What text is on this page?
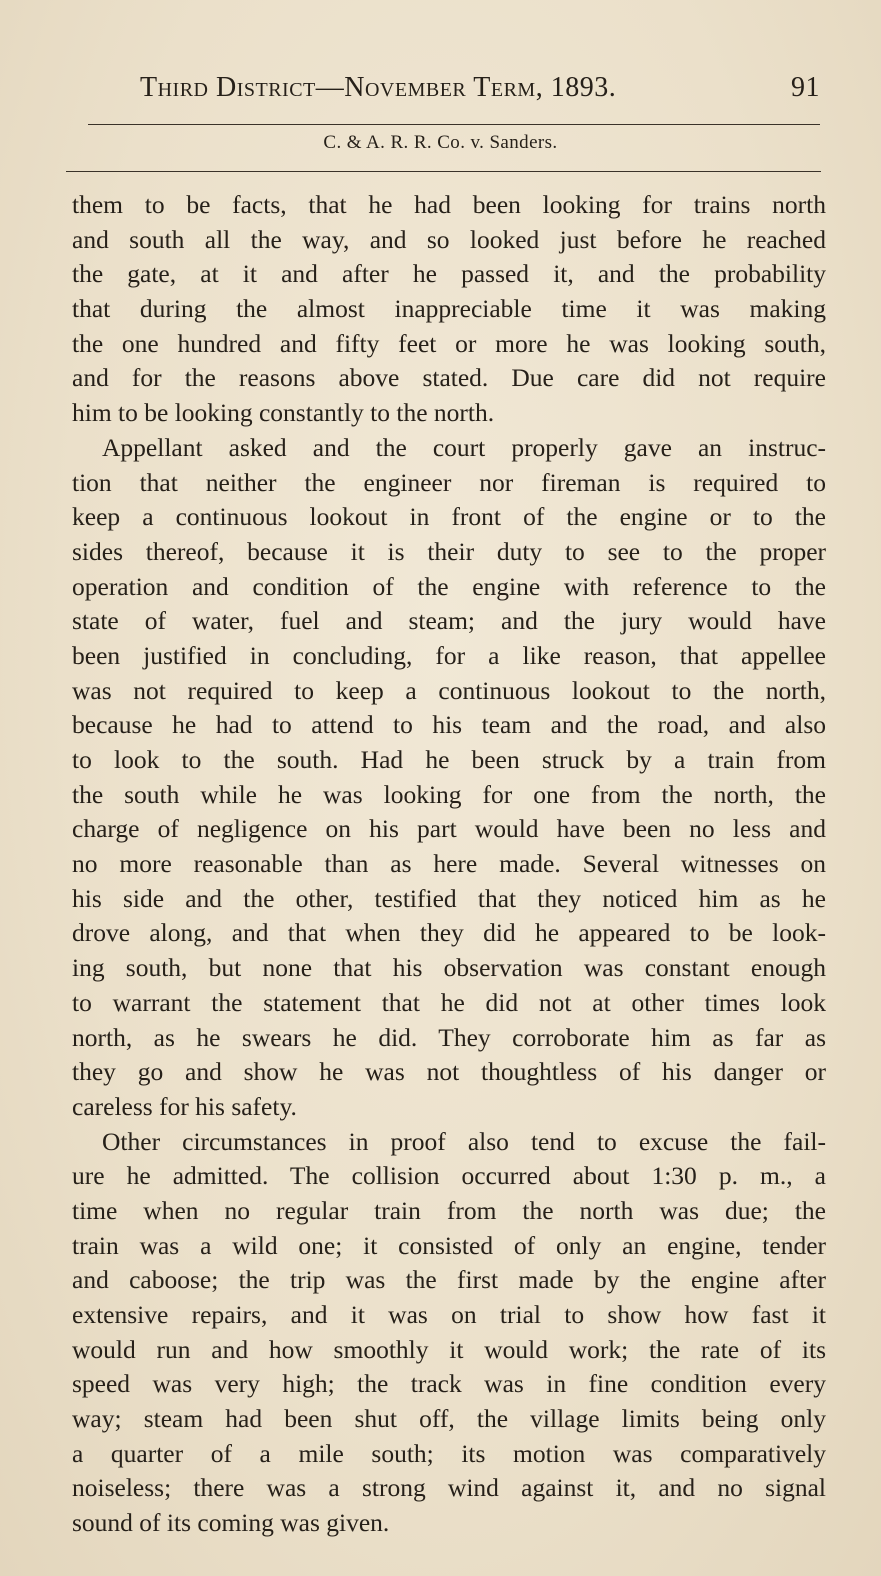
Third District—November Term, 1893.	91
C. & A. R. R. Co. v. Sanders.
them to be facts, that he had been looking for trains north
and south all the way, and so looked just before he reached
the gate, at it and after he passed it, and the probability
that during the almost inappreciable time it was making
the one hundred and fifty feet or more he was looking south,
and for the reasons above stated. Due care did not require
him to be looking constantly to the north.
Appellant asked and the court properly gave an instruc-
tion that neither the engineer nor fireman is required to
keep a continuous lookout in front of the engine or to the
sides thereof, because it is their duty to see to the proper
operation and condition of the engine with reference to the
state of water, fuel and steam; and the jury would have
been justified in concluding, for a like reason, that appellee
was not required to keep a continuous lookout to the north,
because he had to attend to his team and the road, and also
to look to the south. Had he been struck by a train from
the south while he was looking for one from the north, the
charge of negligence on his part would have been no less and
no more reasonable than as here made. Several witnesses on
his side and the other, testified that they noticed him as he
drove along, and that when they did he appeared to be look-
ing south, but none that his observation was constant enough
to warrant the statement that he did not at other times look
north, as he swears he did. They corroborate him as far as
they go and show he was not thoughtless of his danger or
careless for his safety.
Other circumstances in proof also tend to excuse the fail-
ure he admitted. The collision occurred about 1:30 p. m., a
time when no regular train from the north was due; the
train was a wild one; it consisted of only an engine, tender
and caboose; the trip was the first made by the engine after
extensive repairs, and it was on trial to show how fast it
would run and how smoothly it would work; the rate of its
speed was very high; the track was in fine condition every
way; steam had been shut off, the village limits being only
a quarter of a mile south; its motion was comparatively
noiseless; there was a strong wind against it, and no signal
sound of its coming was given.
